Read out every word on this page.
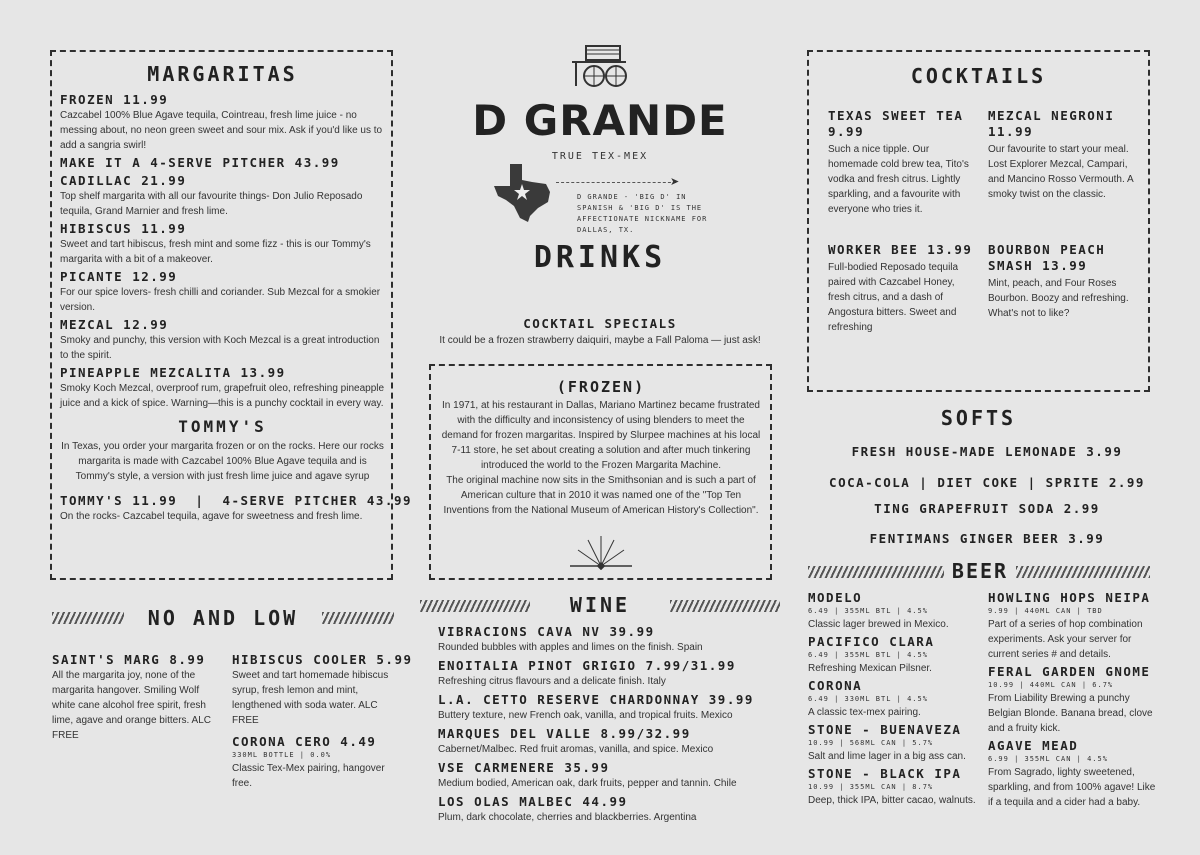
MARGARITAS

FROZEN 11.99

Cazcabel 100% Blue Agave tequila, Cointreau, fresh lime juice - no messing about, no neon green sweet and sour mix. Ask if you'd like us to add a sangria swirl!

MAKE IT A 4-SERVE PITCHER 43.99

CADILLAC 21.99

Top shelf margarita with all our favourite things- Don Julio Reposado tequila, Grand Marnier and fresh lime.

HIBISCUS 11.99

Sweet and tart hibiscus, fresh mint and some fizz - this is our Tommy's margarita with a bit of a makeover.

PICANTE 12.99

For our spice lovers- fresh chilli and coriander. Sub Mezcal for a smokier version.

MEZCAL 12.99

Smoky and punchy, this version with Koch Mezcal is a great introduction to the spirit.

PINEAPPLE MEZCALITA 13.99

Smoky Koch Mezcal, overproof rum, grapefruit oleo, refreshing pineapple juice and a kick of spice. Warning—this is a punchy cocktail in every way.

TOMMY'S

In Texas, you order your margarita frozen or on the rocks. Here our rocks margarita is made with Cazcabel 100% Blue Agave tequila and is Tommy's style, a version with just fresh lime juice and agave syrup

TOMMY'S 11.99  |  4-SERVE PITCHER 43.99

On the rocks- Cazcabel tequila, agave for sweetness and fresh lime.

NO AND LOW

SAINT'S MARG 8.99

All the margarita joy, none of the margarita hangover. Smiling Wolf white cane alcohol free spirit, fresh lime, agave and orange bitters. ALC FREE

HIBISCUS COOLER 5.99

Sweet and tart homemade hibiscus syrup, fresh lemon and mint, lengthened with soda water. ALC FREE

CORONA CERO 4.49

330ML BOTTLE | 0.0%

Classic Tex-Mex pairing, hangover free.

D GRANDE

TRUE TEX-MEX

➤

D GRANDE - 'BIG D' IN SPANISH & 'BIG D' IS THE AFFECTIONATE NICKNAME FOR DALLAS, TX.

DRINKS

COCKTAIL SPECIALS

It could be a frozen strawberry daiquiri, maybe a Fall Paloma — just ask!

(FROZEN)

In 1971, at his restaurant in Dallas, Mariano Martinez became frustrated with the difficulty and inconsistency of using blenders to meet the demand for frozen margaritas. Inspired by Slurpee machines at his local 7-11 store, he set about creating a solution and after much tinkering introduced the world to the Frozen Margarita Machine.

The original machine now sits in the Smithsonian and is such a part of American culture that in 2010 it was named one of the "Top Ten Inventions from the National Museum of American History's Collection".

WINE

VIBRACIONS CAVA NV 39.99

Rounded bubbles with apples and limes on the finish. Spain

ENOITALIA PINOT GRIGIO 7.99/31.99

Refreshing citrus flavours and a delicate finish. Italy

L.A. CETTO RESERVE CHARDONNAY 39.99

Buttery texture, new French oak, vanilla, and tropical fruits. Mexico

MARQUES DEL VALLE 8.99/32.99

Cabernet/Malbec. Red fruit aromas, vanilla, and spice. Mexico

VSE CARMENERE 35.99

Medium bodied, American oak, dark fruits, pepper and tannin. Chile

LOS OLAS MALBEC 44.99

Plum, dark chocolate, cherries and blackberries. Argentina

COCKTAILS

TEXAS SWEET TEA

9.99

Such a nice tipple. Our homemade cold brew tea, Tito's vodka and fresh citrus. Lightly sparkling, and a favourite with everyone who tries it.

MEZCAL NEGRONI

11.99

Our favourite to start your meal. Lost Explorer Mezcal, Campari, and Mancino Rosso Vermouth. A smoky twist on the classic.

WORKER BEE 13.99

Full-bodied Reposado tequila paired with Cazcabel Honey, fresh citrus, and a dash of Angostura bitters. Sweet and refreshing

BOURBON PEACH

SMASH 13.99

Mint, peach, and Four Roses Bourbon. Boozy and refreshing. What's not to like?

SOFTS

FRESH HOUSE-MADE LEMONADE 3.99

COCA-COLA | DIET COKE | SPRITE 2.99

TING GRAPEFRUIT SODA 2.99

FENTIMANS GINGER BEER 3.99

BEER

MODELO

6.49 | 355ML BTL | 4.5%

Classic lager brewed in Mexico.

PACIFICO CLARA

6.49 | 355ML BTL | 4.5%

Refreshing Mexican Pilsner.

CORONA

6.49 | 330ML BTL | 4.5%

A classic tex-mex pairing.

STONE - BUENAVEZA

10.99 | 568ML CAN | 5.7%

Salt and lime lager in a big ass can.

STONE - BLACK IPA

10.99 | 355ML CAN | 8.7%

Deep, thick IPA, bitter cacao, walnuts.

HOWLING HOPS NEIPA

9.99 | 440ML CAN | TBD

Part of a series of hop combination experiments. Ask your server for current series # and details.

FERAL GARDEN GNOME

10.99 | 440ML CAN | 6.7%

From Liability Brewing a punchy Belgian Blonde. Banana bread, clove and a fruity kick.

AGAVE MEAD

6.99 | 355ML CAN | 4.5%

From Sagrado, lighty sweetened, sparkling, and from 100% agave! Like if a tequila and a cider had a baby.
